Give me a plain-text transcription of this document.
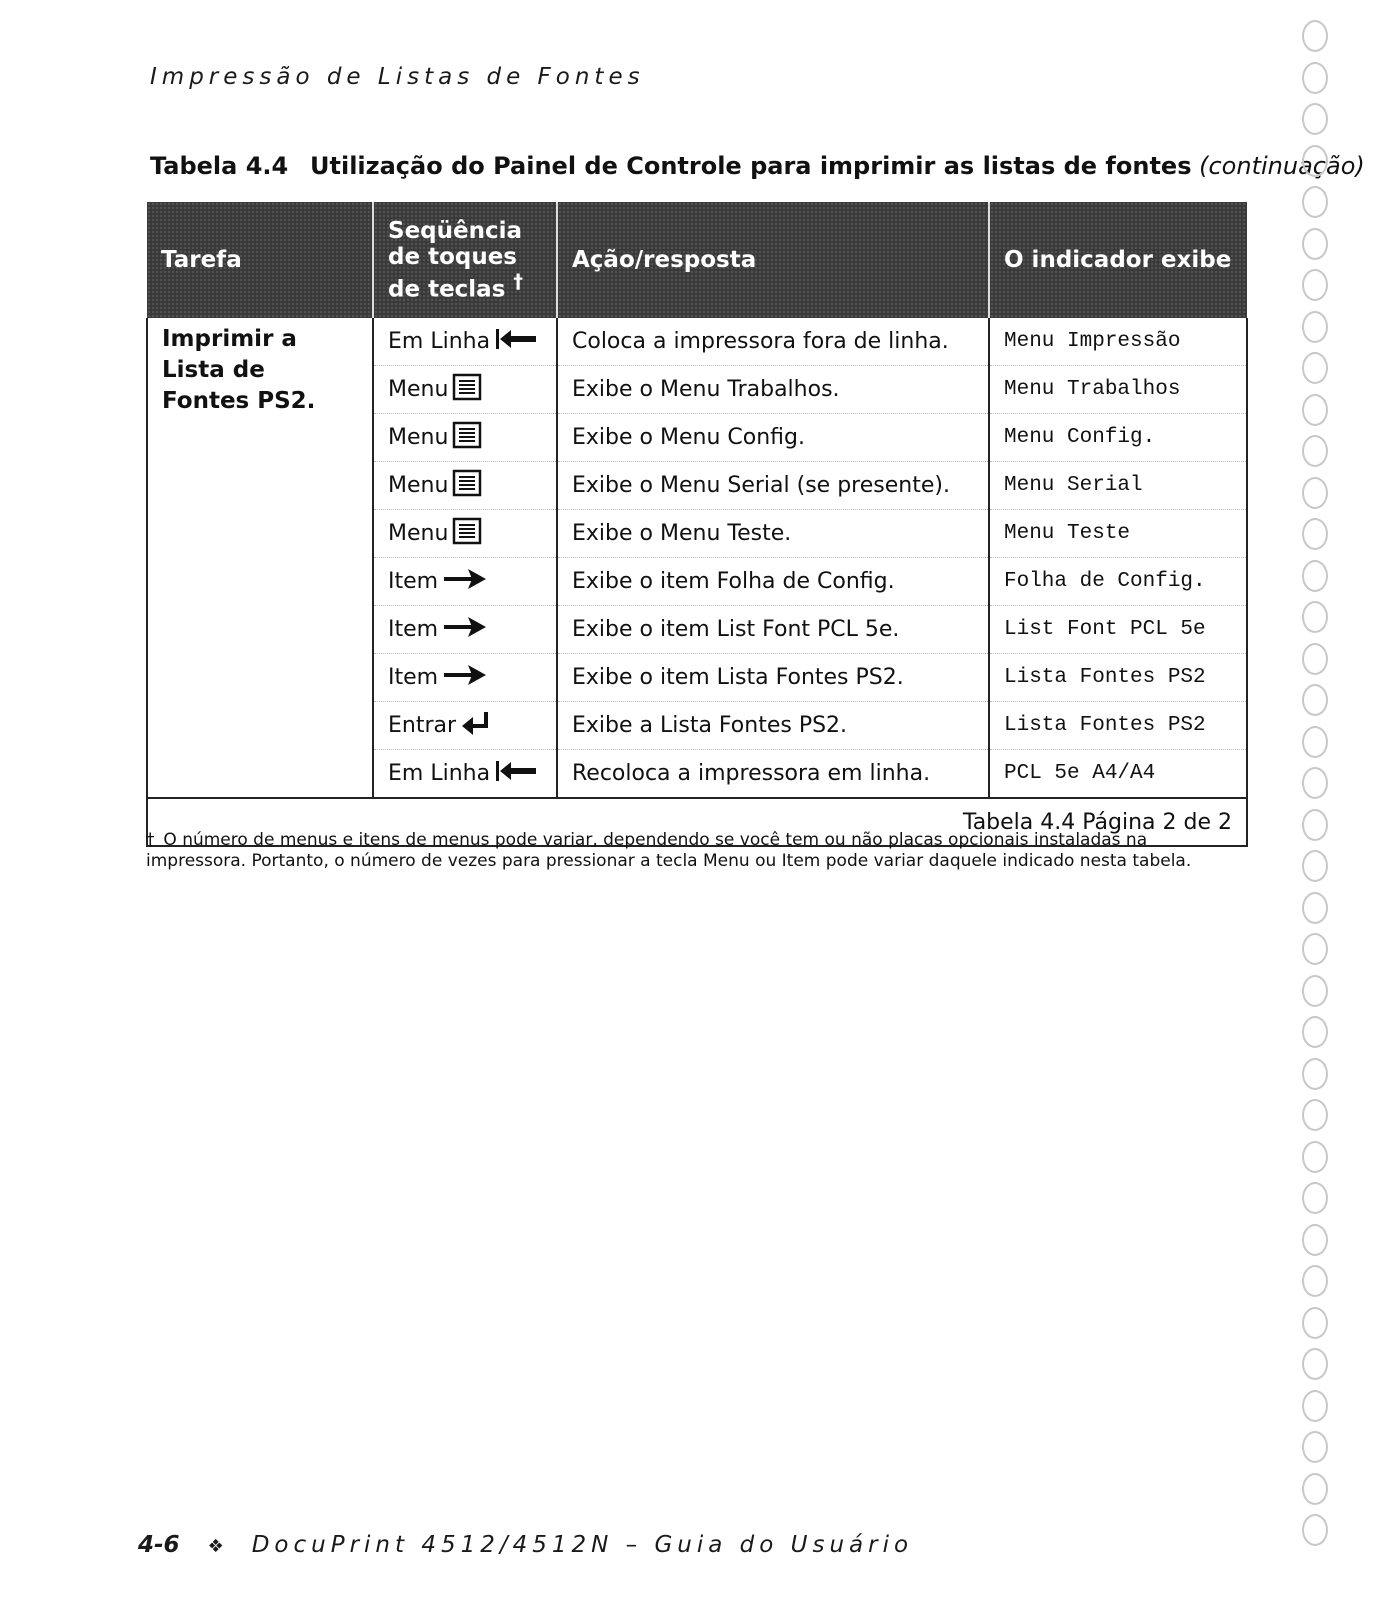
Impressão de Listas de Fontes
Tabela 4.4 Utilização do Painel de Controle para imprimir as listas de fontes (continuação)
Tarefa	Seqüência de toques de teclas †	Ação/resposta	O indicador exibe
Imprimir a Lista de Fontes PS2.	Em Linha	Coloca a impressora fora de linha.	Menu Impressão
	Menu	Exibe o Menu Trabalhos.	Menu Trabalhos
	Menu	Exibe o Menu Config.	Menu Config.
	Menu	Exibe o Menu Serial (se presente).	Menu Serial
	Menu	Exibe o Menu Teste.	Menu Teste
	Item	Exibe o item Folha de Config.	Folha de Config.
	Item	Exibe o item List Font PCL 5e.	List Font PCL 5e
	Item	Exibe o item Lista Fontes PS2.	Lista Fontes PS2
	Entrar	Exibe a Lista Fontes PS2.	Lista Fontes PS2
	Em Linha	Recoloca a impressora em linha.	PCL 5e A4/A4
Tabela 4.4 Página 2 de 2			
† O número de menus e itens de menus pode variar, dependendo se você tem ou não placas opcionais instaladas na impressora. Portanto, o número de vezes para pressionar a tecla Menu ou Item pode variar daquele indicado nesta tabela.
4-6 ❖ DocuPrint 4512/4512N – Guia do Usuário
